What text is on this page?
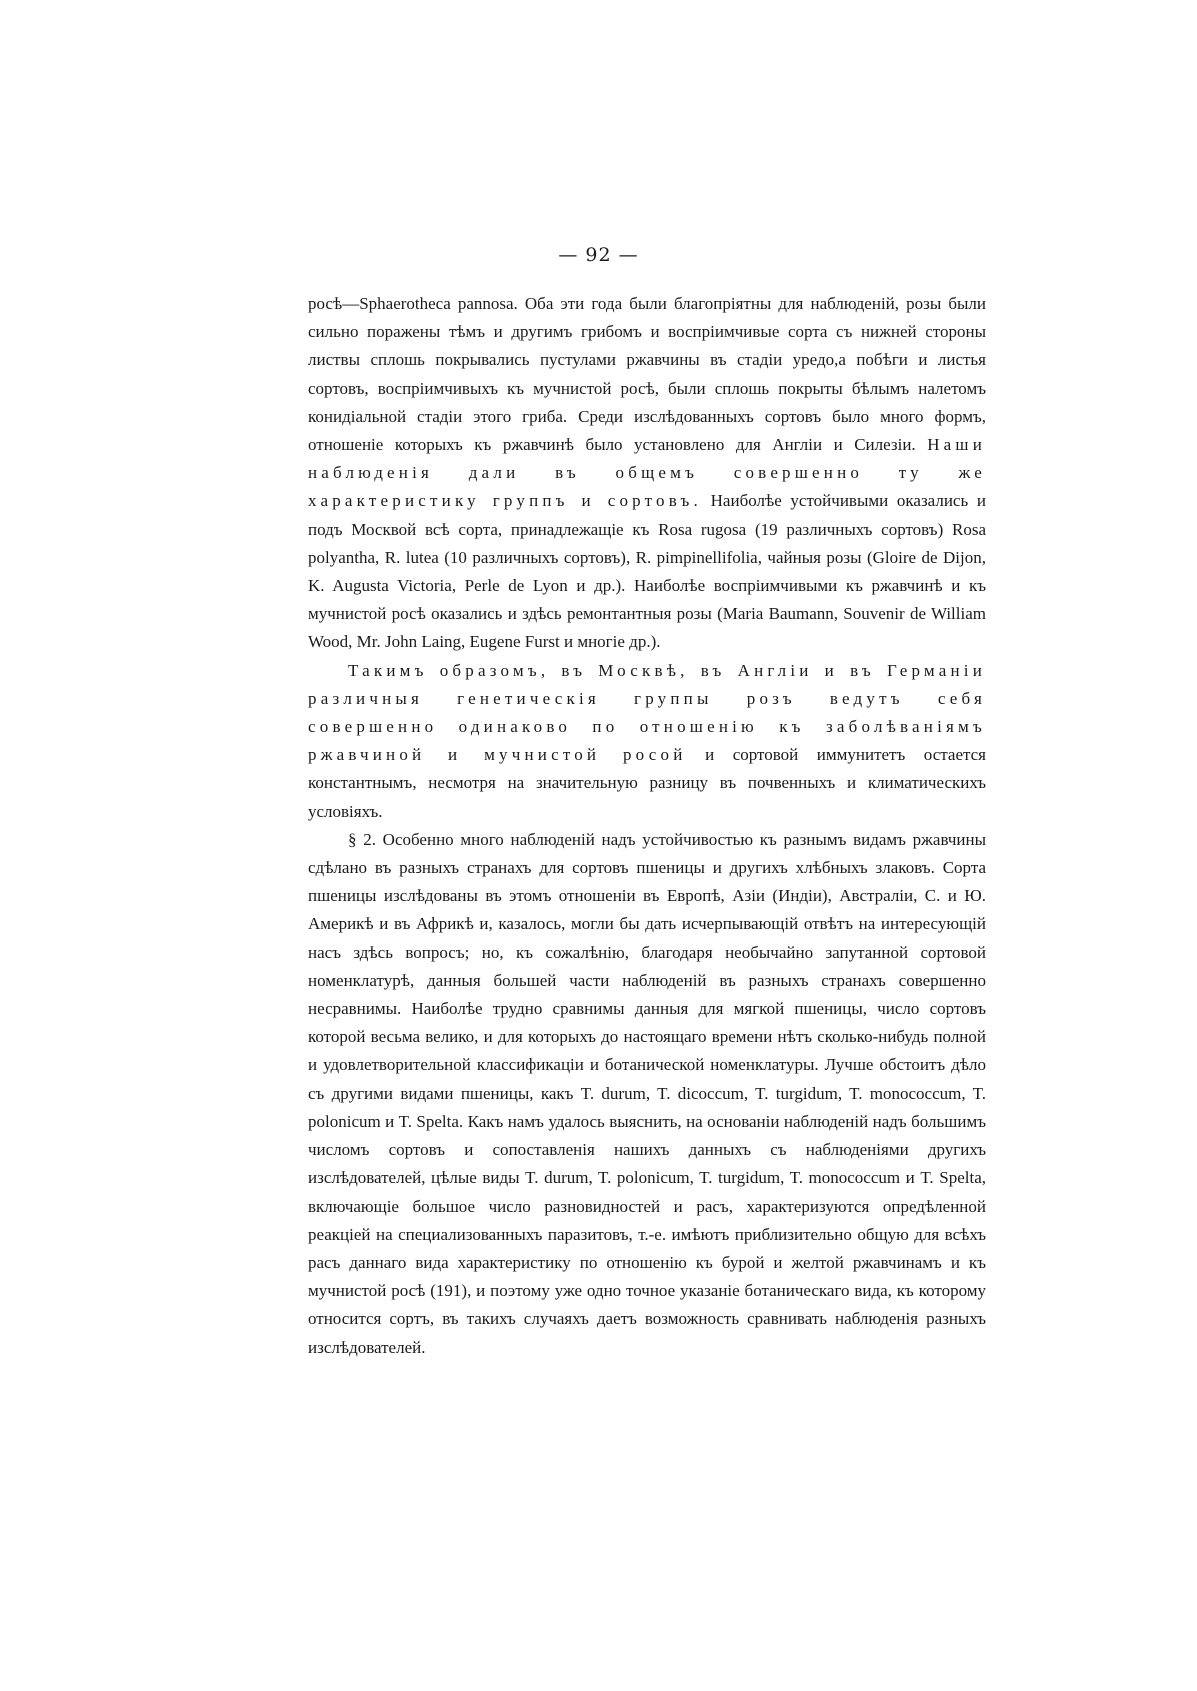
— 92 —

росѣ—Sphaerotheca pannosa. Оба эти года были благопріятны для наблюденій, розы были сильно поражены тѣмъ и другимъ грибомъ и воспріимчивые сорта съ нижней стороны листвы сплошь покрывались пустулами ржавчины въ стадіи уредо,а побѣги и листья сортовъ, воспріимчивыхъ къ мучнистой росѣ, были сплошь покрыты бѣлымъ налетомъ конидіальной стадіи этого гриба. Среди изслѣдованныхъ сортовъ было много формъ, отношеніе которыхъ къ ржавчинѣ было установлено для Англіи и Силезіи. Наши наблюденія дали въ общемъ совершенно ту же характеристику группъ и сортовъ. Наиболѣе устойчивыми оказались и подъ Москвой всѣ сорта, принадлежащіе къ Rosa rugosa (19 различныхъ сортовъ) Rosa polyantha, R. lutea (10 различныхъ сортовъ), R. pimpinellifolia, чайныя розы (Gloire de Dijon, K. Augusta Victoria, Perle de Lyon и др.). Наиболѣе воспріимчивыми къ ржавчинѣ и къ мучнистой росѣ оказались и здѣсь ремонтантныя розы (Maria Baumann, Souvenir de William Wood, Mr. John Laing, Eugene Furst и многіе др.).

Такимъ образомъ, въ Москвѣ, въ Англіи и въ Германіи различныя генетическія группы розъ ведутъ себя совершенно одинаково по отношенію къ заболѣваніямъ ржавчиной и мучнистой росой и сортовой иммунитетъ остается константнымъ, несмотря на значительную разницу въ почвенныхъ и климатическихъ условіяхъ.

§ 2. Особенно много наблюденій надъ устойчивостью къ разнымъ видамъ ржавчины сдѣлано въ разныхъ странахъ для сортовъ пшеницы и другихъ хлѣбныхъ злаковъ. Сорта пшеницы изслѣдованы въ этомъ отношеніи въ Европѣ, Азіи (Индіи), Австраліи, С. и Ю. Америкѣ и въ Африкѣ и, казалось, могли бы дать исчерпывающій отвѣтъ на интересующій насъ здѣсь вопросъ; но, къ сожалѣнію, благодаря необычайно запутанной сортовой номенклатурѣ, данныя большей части наблюденій въ разныхъ странахъ совершенно несравнимы. Наиболѣе трудно сравнимы данныя для мягкой пшеницы, число сортовъ которой весьма велико, и для которыхъ до настоящаго времени нѣтъ сколько-нибудь полной и удовлетворительной классификаціи и ботанической номенклатуры. Лучше обстоитъ дѣло съ другими видами пшеницы, какъ T. durum, T. dicoccum, T. turgidum, T. monococcum, T. polonicum и T. Spelta. Какъ намъ удалось выяснить, на основаніи наблюденій надъ большимъ числомъ сортовъ и сопоставленія нашихъ данныхъ съ наблюденіями другихъ изслѣдователей, цѣлые виды T. durum, T. polonicum, T. turgidum, T. monococcum и T. Spelta, включающіе большое число разновидностей и расъ, характеризуются опредѣленной реакціей на специализованныхъ паразитовъ, т.-е. имѣютъ приблизительно общую для всѣхъ расъ даннаго вида характеристику по отношенію къ бурой и желтой ржавчинамъ и къ мучнистой росѣ (191), и поэтому уже одно точное указаніе ботаническаго вида, къ которому относится сортъ, въ такихъ случаяхъ даетъ возможность сравнивать наблюденія разныхъ изслѣдователей.
